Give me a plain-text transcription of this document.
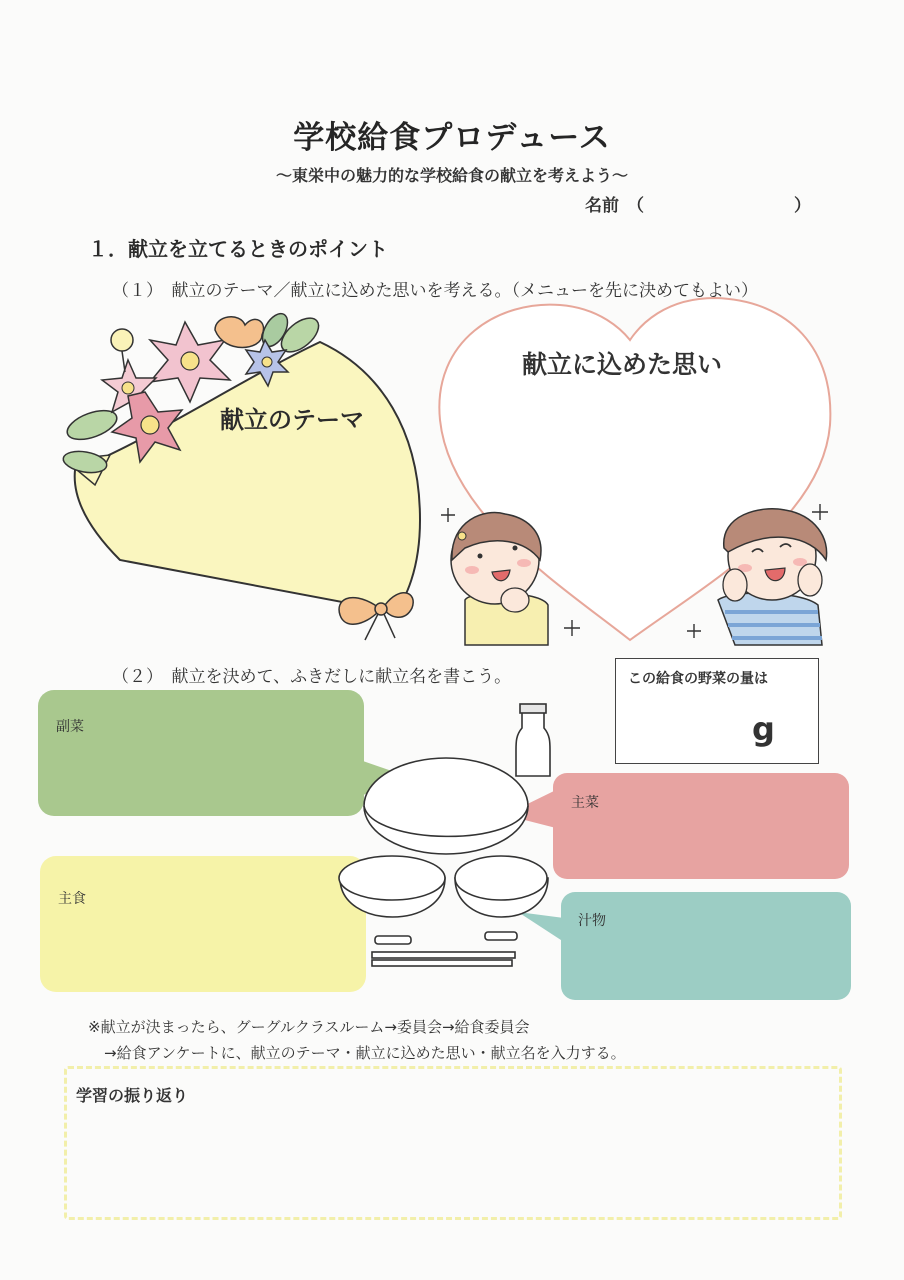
学校給食プロデュース
～東栄中の魅力的な学校給食の献立を考えよう～
名前 （	）
１．献立を立てるときのポイント
（１）　献立のテーマ／献立に込めた思いを考える。（メニューを先に決めてもよい）
献立のテーマ
献立に込めた思い
（２）　献立を決めて、ふきだしに献立名を書こう。	この給食の野菜の量は
g
副菜
主菜
主食
汁物
※献立が決まったら、グーグルクラスルーム→委員会→給食委員会
→給食アンケートに、献立のテーマ・献立に込めた思い・献立名を入力する。
学習の振り返り
